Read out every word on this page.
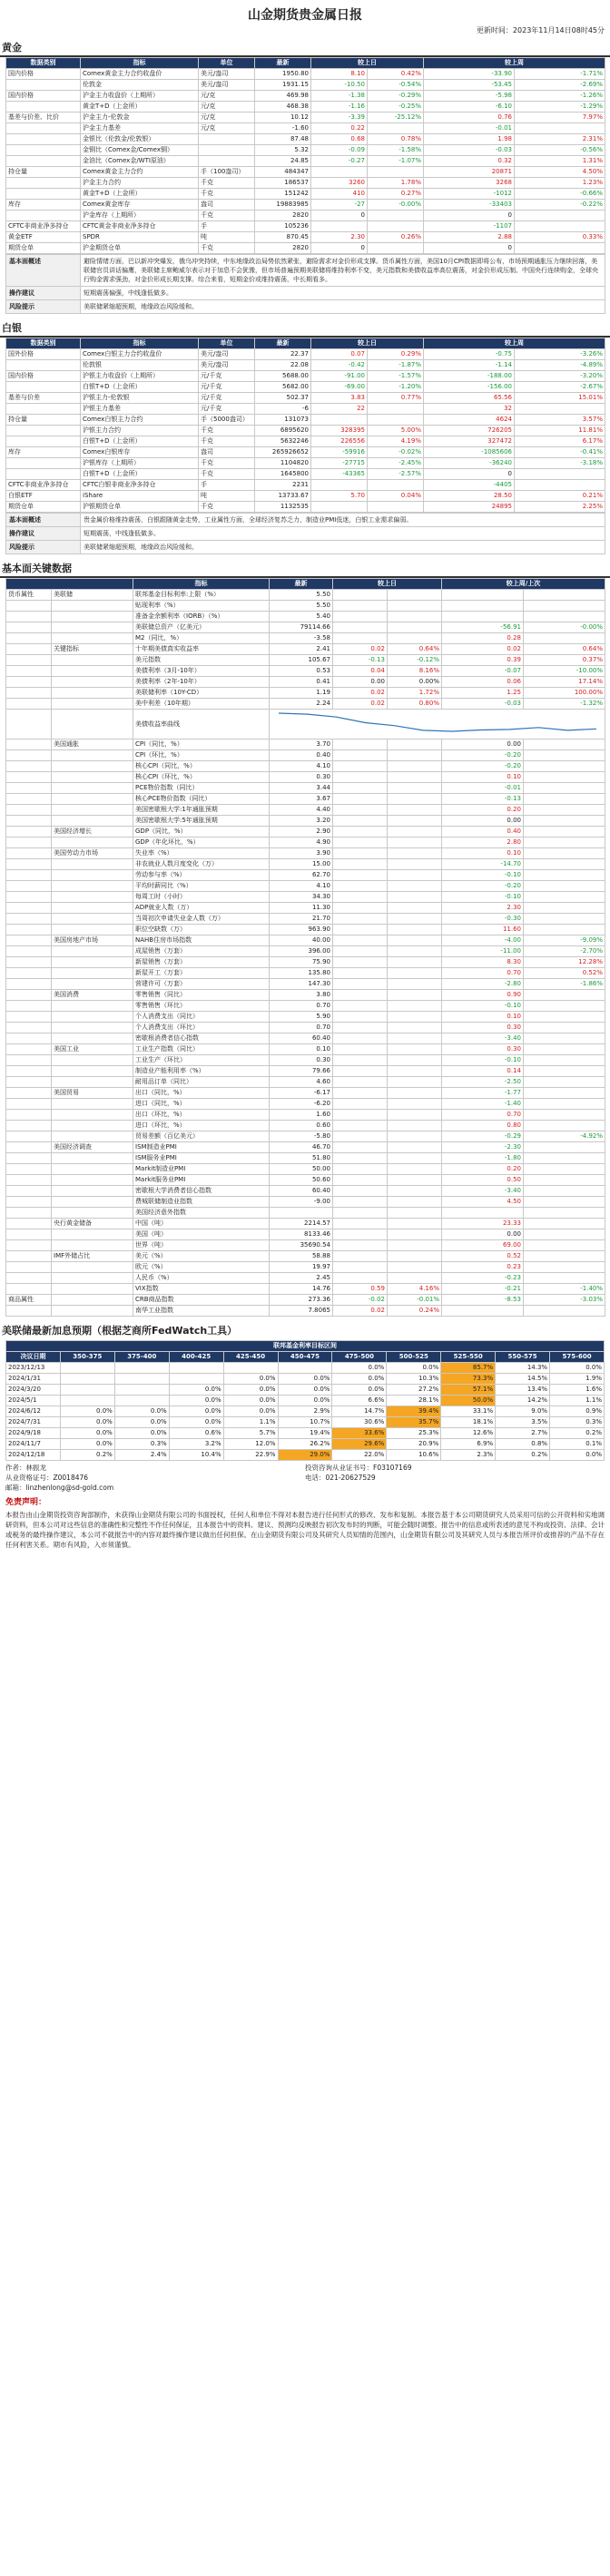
山金期货贵金属日报
更新时间：2023年11月14日08时45分
黄金
数据类别	指标	单位	最新	较上日		较上周	
国内价格	Comex黄金主力合约收盘价	美元/盎司	1950.80	8.10	0.42%	-33.90	-1.71%
	伦敦金	美元/盎司	1931.15	-10.50	-0.54%	-53.45	-2.69%
国内价格	沪金主力收盘价（上期所）	元/克	469.98	-1.38	-0.29%	-5.98	-1.26%
	黄金T+D（上金所）	元/克	468.38	-1.16	-0.25%	-6.10	-1.29%
基差与价差、比价	沪金主力-伦敦金	元/克	10.12	-3.39	-25.12%	0.76	7.97%
	沪金主力基差	元/克	-1.60	0.22		-0.01	
	金银比（伦敦金/伦敦银）		87.48	0.68	0.78%	1.98	2.31%
	金铜比（Comex金/Comex铜）		5.32	-0.09	-1.58%	-0.03	-0.56%
	金油比（Comex金/WTI原油）		24.85	-0.27	-1.07%	0.32	1.31%
持仓量	Comex黄金主力合约	手（100盎司）	484347			20871	4.50%
	沪金主力合约	千克	186537	3260	1.78%	3268	1.23%
	黄金T+D（上金所）	千克	151242	410	0.27%	-1012	-0.66%
库存	Comex黄金库存	盎司	19883985	-27	-0.00%	-33403	-0.22%
	沪金库存（上期所）	千克	2820	0		0	
CFTC非商业净多持仓	CFTC黄金非商业净多持仓	手	105236			-1107	
黄金ETF	SPDR	吨	870.45	2.30	0.26%	2.88	0.33%
期货仓单	沪金期货仓单	千克	2820	0		0	
基本面概述	避险情绪方面，巴以新冲突爆发，俄乌冲突持续，中东地缘政治局势依然紧张，避险需求对金价形成支撑。货币属性方面，美国10月CPI数据即将公布，市场预期通胀压力继续回落，美联储官员讲话偏鹰，美联储主席鲍威尔表示对于加息不会犹豫，但市场普遍预期美联储将维持利率不变，美元指数和美债收益率高位震荡，对金价形成压制。中国央行连续购金，全球央行购金需求强劲，对金价形成长期支撑。综合来看，短期金价或维持震荡，中长期看多。
操作建议	短期震荡偏强，中线逢低做多。
风险提示	美联储紧缩超预期，地缘政治风险缓和。
白银
数据类别	指标	单位	最新	较上日		较上周	
国外价格	Comex白银主力合约收盘价	美元/盎司	22.37	0.07	0.29%	-0.75	-3.26%
	伦敦银	美元/盎司	22.08	-0.42	-1.87%	-1.14	-4.89%
国内价格	沪银主力收盘价（上期所）	元/千克	5688.00	-91.00	-1.57%	-188.00	-3.20%
	白银T+D（上金所）	元/千克	5682.00	-69.00	-1.20%	-156.00	-2.67%
基差与价差	沪银主力-伦敦银	元/千克	502.37	3.83	0.77%	65.56	15.01%
	沪银主力基差	元/千克	-6	22		32	
持仓量	Comex白银主力合约	手（5000盎司）	131073			4624	3.57%
	沪银主力合约	千克	6895620	328395	5.00%	726205	11.81%
	白银T+D（上金所）	千克	5632246	226556	4.19%	327472	6.17%
库存	Comex白银库存	盎司	265926652	-59916	-0.02%	-1085606	-0.41%
	沪银库存（上期所）	千克	1104820	-27715	-2.45%	-36240	-3.18%
	白银T+D（上金所）	千克	1645800	-43365	-2.57%	0	
CFTC非商业净多持仓	CFTC白银非商业净多持仓	手	2231			-4405	
白银ETF	iShare	吨	13733.67	5.70	0.04%	28.50	0.21%
期货仓单	沪银期货仓单	千克	1132535			24895	2.25%
基本面概述	贵金属价格维持震荡，白银跟随黄金走势，工业属性方面，全球经济复苏乏力，制造业PMI低迷，白银工业需求偏弱。
操作建议	短期震荡，中线逢低做多。
风险提示	美联储紧缩超预期，地缘政治风险缓和。
基本面关键数据
		指标	最新	较上日		较上周/上次	
货币属性	美联储	联邦基金目标利率:上限（%）	5.50				
		贴现利率（%）	5.50				
		准备金余额利率（IORB）（%）	5.40				
		美联储总资产（亿美元）	79114.66			-56.91	-0.00%
		M2（同比，%）	-3.58			0.28	
	关键指标	十年期美债真实收益率	2.41	0.02	0.64%	0.02	0.64%
		美元指数	105.67	-0.13	-0.12%	0.39	0.37%
		美债利率（3月-10年）	0.53	0.04	8.16%	-0.07	-10.00%
		美债利率（2年-10年）	0.41	0.00	0.00%	0.06	17.14%
		美联储利率（10Y-CD）	1.19	0.02	1.72%	1.25	100.00%
		美中利差（10年期）	2.24	0.02	0.80%	-0.03	-1.32%
		美债收益率曲线	
	美国通胀	CPI（同比，%）	3.70			0.00	
		CPI（环比，%）	0.40			-0.20	
		核心CPI（同比，%）	4.10			-0.20	
		核心CPI（环比，%）	0.30			0.10	
		PCE物价指数（同比）	3.44			-0.01	
		核心PCE物价指数（同比）	3.67			-0.13	
		美国密歇根大学:1年通胀预期	4.40			0.20	
		美国密歇根大学:5年通胀预期	3.20			0.00	
	美国经济增长	GDP（同比，%）	2.90			0.40	
		GDP（年化环比，%）	4.90			2.80	
	美国劳动力市场	失业率（%）	3.90			0.10	
		非农就业人数月度变化（万）	15.00			-14.70	
		劳动参与率（%）	62.70			-0.10	
		平均时薪同比（%）	4.10			-0.20	
		每周工时（小时）	34.30			-0.10	
		ADP就业人数（万）	11.30			2.30	
		当周初次申请失业金人数（万）	21.70			-0.30	
		职位空缺数（万）	963.90			11.60	
	美国房地产市场	NAHB住房市场指数	40.00			-4.00	-9.09%
		成屋销售（万套）	396.00			-11.00	-2.70%
		新屋销售（万套）	75.90			8.30	12.28%
		新屋开工（万套）	135.80			0.70	0.52%
		营建许可（万套）	147.30			-2.80	-1.86%
	美国消费	零售销售（同比）	3.80			0.90	
		零售销售（环比）	0.70			-0.10	
		个人消费支出（同比）	5.90			0.10	
		个人消费支出（环比）	0.70			0.30	
		密歇根消费者信心指数	60.40			-3.40	
	美国工业	工业生产指数（同比）	0.10			0.30	
		工业生产（环比）	0.30			-0.10	
		制造业产能利用率（%）	79.66			0.14	
		耐用品订单（同比）	4.60			-2.50	
	美国贸易	出口（同比，%）	-6.17			-1.77	
		进口（同比，%）	-6.20			-1.40	
		出口（环比，%）	1.60			0.70	
		进口（环比，%）	0.60			0.80	
		贸易差额（百亿美元）	-5.80			-0.29	-4.92%
	美国经济调查	ISM制造业PMI	46.70			-2.30	
		ISM服务业PMI	51.80			-1.80	
		Markit制造业PMI	50.00			0.20	
		Markit服务业PMI	50.60			0.50	
		密歇根大学消费者信心指数	60.40			-3.40	
		费城联储制造业指数	-9.00			4.50	
		美国经济意外指数					
	央行黄金储备	中国（吨）	2214.57			23.33	
		美国（吨）	8133.46			0.00	
		世界（吨）	35690.54			69.00	
	IMF外储占比	美元（%）	58.88			0.52	
		欧元（%）	19.97			0.23	
		人民币（%）	2.45			-0.23	
		VIX指数	14.76	0.59	4.16%	-0.21	-1.40%
商品属性		CRB商品指数	273.36	-0.02	-0.01%	-8.53	-3.03%
		南华工业指数	7.8065	0.02	0.24%		
美联储最新加息预期（根据芝商所FedWatch工具）
联邦基金利率目标区间										
决议日期	350-375	375-400	400-425	425-450	450-475	475-500	500-525	525-550	550-575	575-600
2023/12/13						0.0%	0.0%	85.7%	14.3%	0.0%
2024/1/31				0.0%	0.0%	0.0%	10.3%	73.3%	14.5%	1.9%
2024/3/20			0.0%	0.0%	0.0%	0.0%	27.2%	57.1%	13.4%	1.6%
2024/5/1			0.0%	0.0%	0.0%	6.6%	28.1%	50.0%	14.2%	1.1%
2024/6/12	0.0%	0.0%	0.0%	0.0%	2.9%	14.7%	39.4%	33.1%	9.0%	0.9%
2024/7/31	0.0%	0.0%	0.0%	1.1%	10.7%	30.6%	35.7%	18.1%	3.5%	0.3%
2024/9/18	0.0%	0.0%	0.6%	5.7%	19.4%	33.6%	25.3%	12.6%	2.7%	0.2%
2024/11/7	0.0%	0.3%	3.2%	12.0%	26.2%	29.6%	20.9%	6.9%	0.8%	0.1%
2024/12/18	0.2%	2.4%	10.4%	22.9%	29.0%	22.0%	10.6%	2.3%	0.2%	0.0%
作者：林振龙	投资咨询从业证书号：F03107169
从业资格证号：Z0018476	电话：021-20627529
邮箱：linzhenlong@sd-gold.com
免责声明：

本报告由山金期货投资咨询部制作，未获得山金期货有限公司的书面授权，任何人和单位不得对本报告进行任何形式的修改、发布和复制。本报告基于本公司期货研究人员采用可信的公开资料和实地调研资料，但本公司对这些信息的准确性和完整性不作任何保证，且本报告中的资料、建议、预测均反映报告初次发布时的判断，可能会随时调整。报告中的信息或所表述的意见不构成投资、法律、会计或税务的最终操作建议，本公司不就报告中的内容对最终操作建议做出任何担保。在山金期货有限公司及其研究人员知情的范围内，山金期货有限公司及其研究人员与本报告所评价或推荐的产品不存在任何利害关系。期市有风险，入市须谨慎。
